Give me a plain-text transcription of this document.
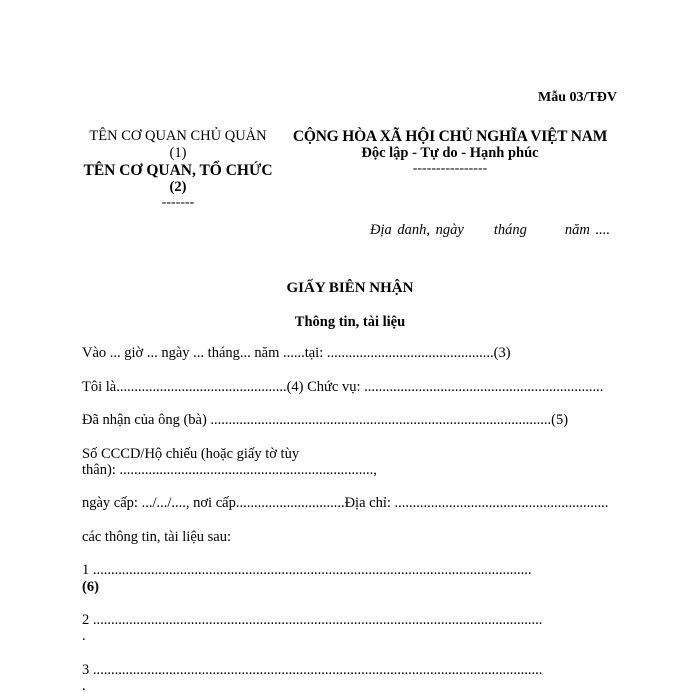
Mẫu 03/TĐV
TÊN CƠ QUAN CHỦ QUẢN
(1)
TÊN CƠ QUAN, TỔ CHỨC
(2)
-------
CỘNG HÒA XÃ HỘI CHỦ NGHĨA VIỆT NAM
Độc lập - Tự do - Hạnh phúc
----------------
Địa danh, ngày tháng	năm ....
GIẤY BIÊN NHẬN
Thông tin, tài liệu
Vào ... giờ ... ngày ... tháng... năm ......tại: ..............................................(3)
Tôi là...............................................(4) Chức vụ: ..................................................................
Đã nhận của ông (bà) ..............................................................................................(5)
Số CCCD/Hộ chiếu (hoặc giấy tờ tùy
thân): ......................................................................,
ngày cấp: .../.../...., nơi cấp..............................Địa chỉ: ...........................................................
các thông tin, tài liệu sau:
1 .........................................................................................................................
(6)
2 ............................................................................................................................
.
3 ............................................................................................................................
.
